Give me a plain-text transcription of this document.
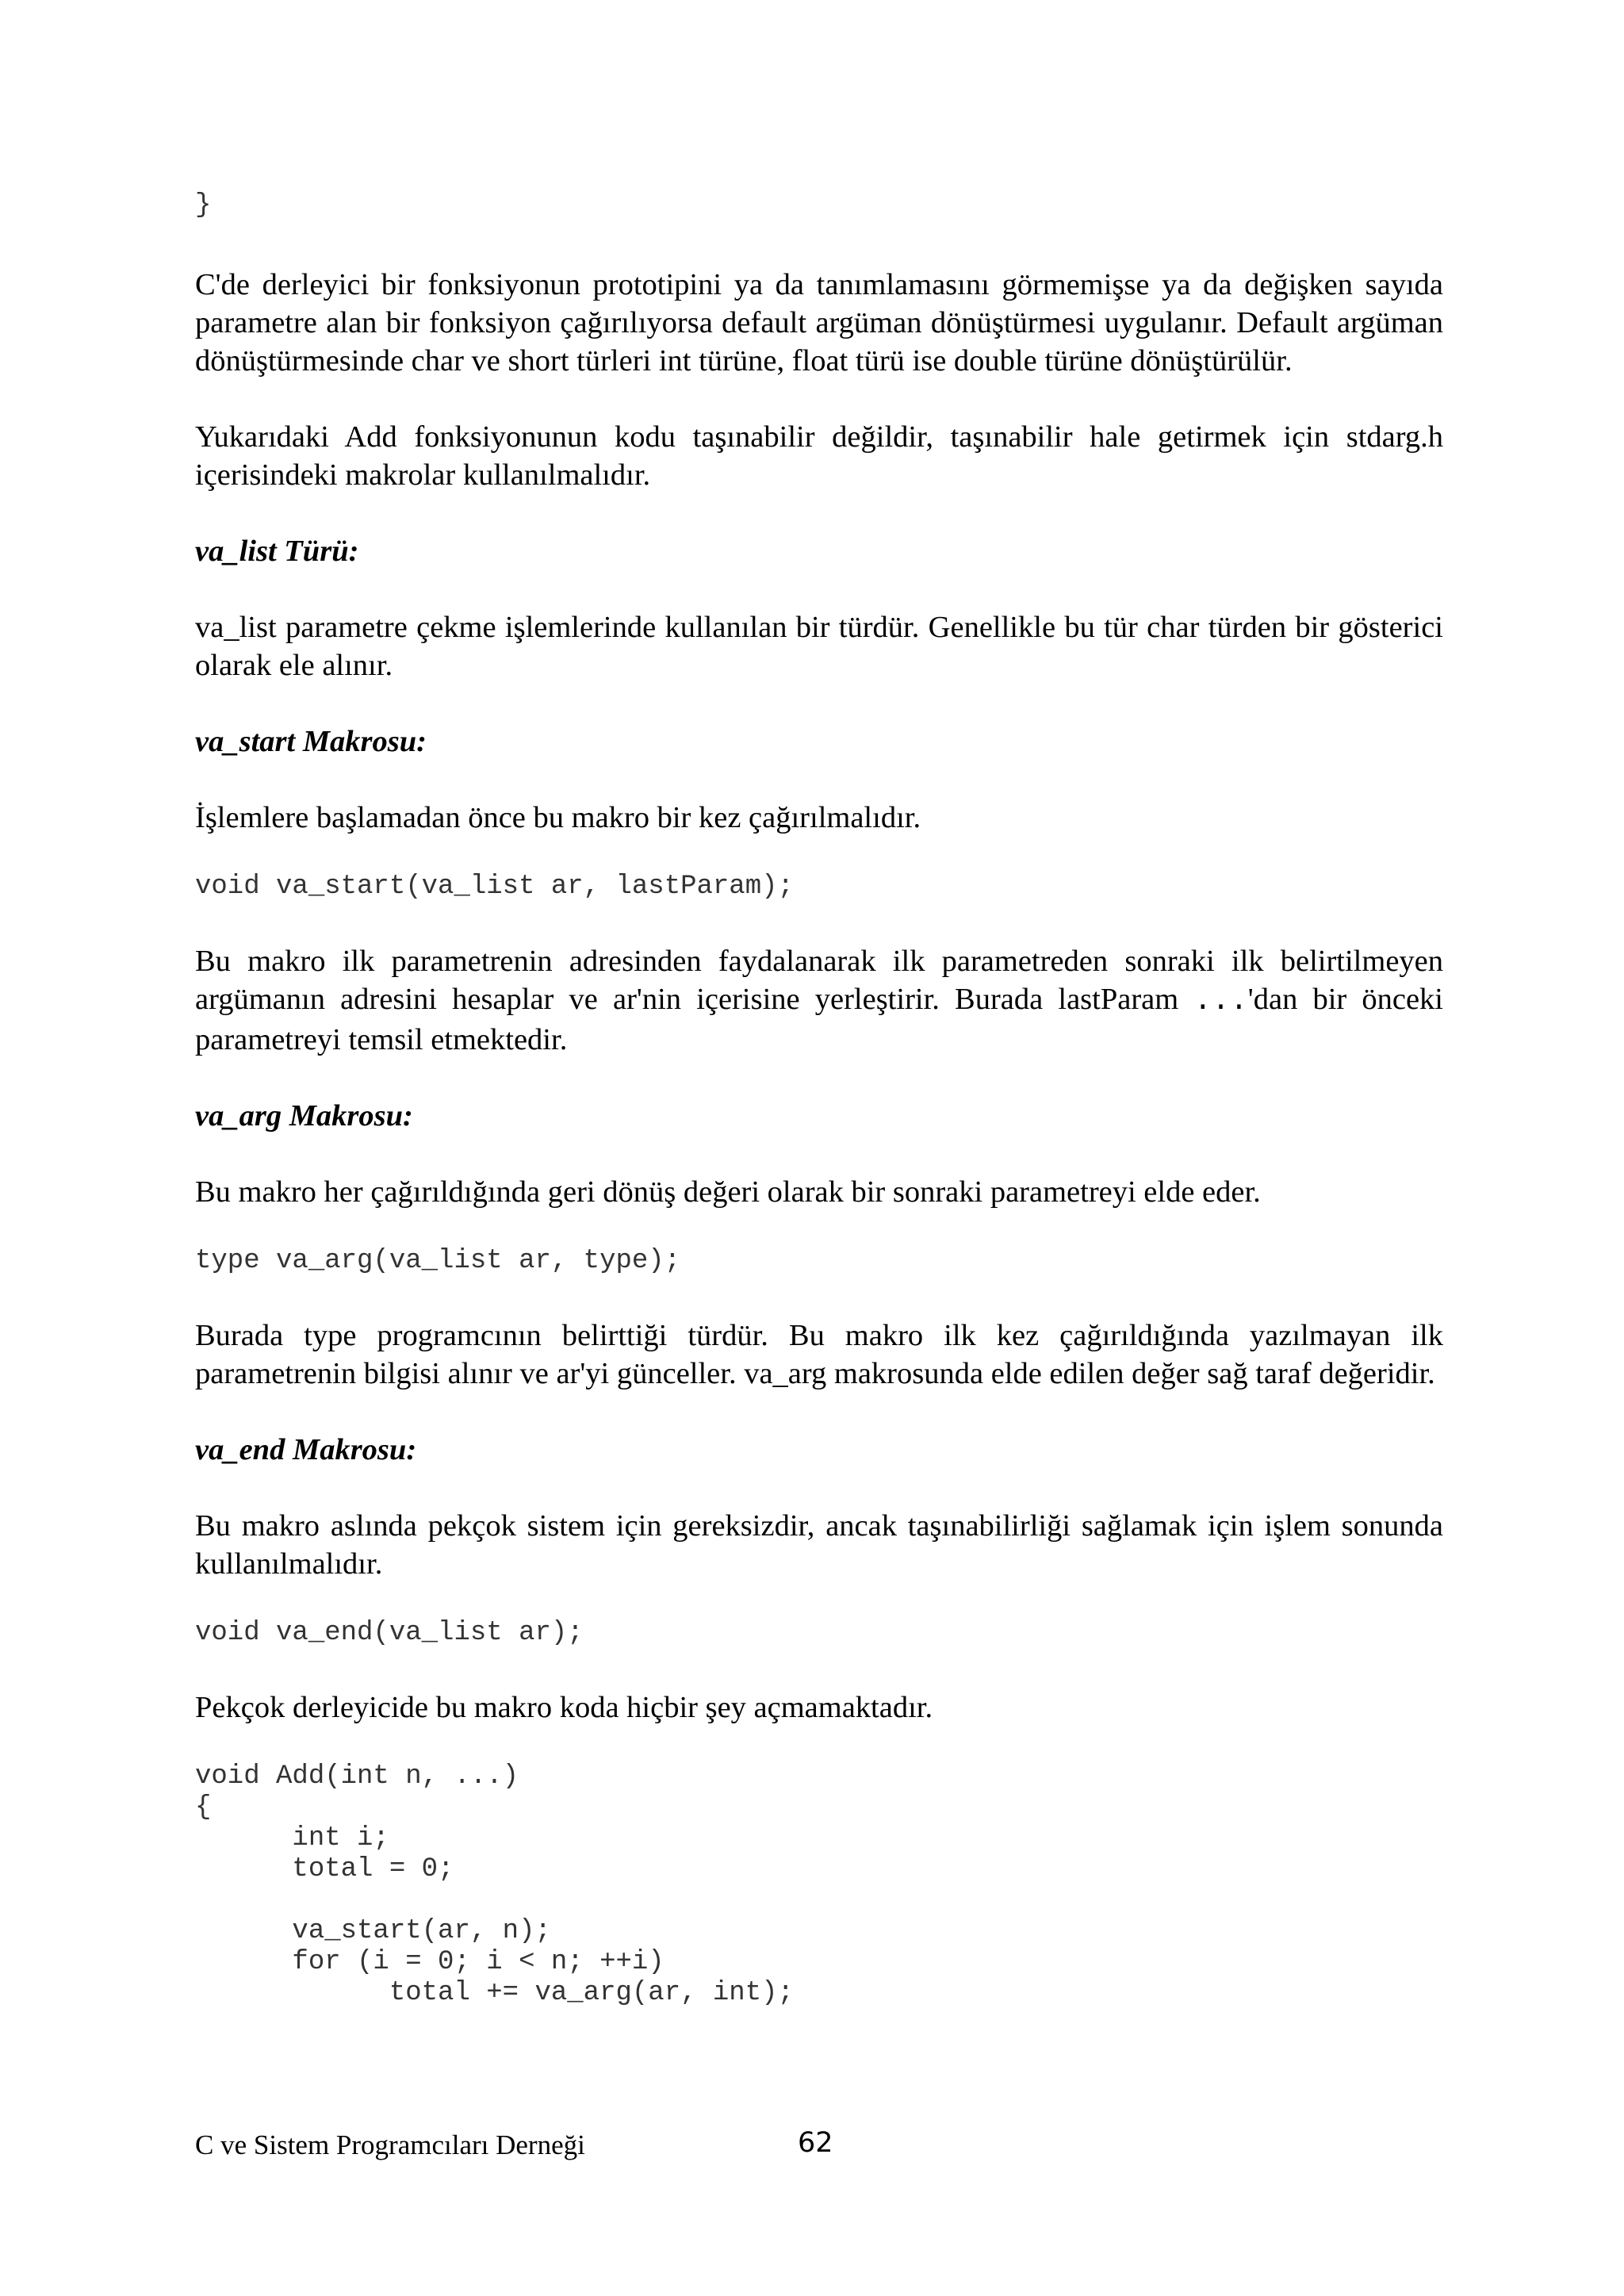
}

C'de derleyici bir fonksiyonun prototipini ya da tanımlamasını görmemişse ya da değişken sayıda parametre alan bir fonksiyon çağırılıyorsa default argüman dönüştürmesi uygulanır. Default argüman dönüştürmesinde char ve short türleri int türüne, float türü ise double türüne dönüştürülür.

Yukarıdaki Add fonksiyonunun kodu taşınabilir değildir, taşınabilir hale getirmek için stdarg.h içerisindeki makrolar kullanılmalıdır.

va_list Türü:

va_list parametre çekme işlemlerinde kullanılan bir türdür. Genellikle bu tür char türden bir gösterici olarak ele alınır.

va_start Makrosu:

İşlemlere başlamadan önce bu makro bir kez çağırılmalıdır.

void va_start(va_list ar, lastParam);

Bu makro ilk parametrenin adresinden faydalanarak ilk parametreden sonraki ilk belirtilmeyen argümanın adresini hesaplar ve ar'nin içerisine yerleştirir. Burada lastParam ...'dan bir önceki parametreyi temsil etmektedir.

va_arg Makrosu:

Bu makro her çağırıldığında geri dönüş değeri olarak bir sonraki parametreyi elde eder.

type va_arg(va_list ar, type);

Burada type programcının belirttiği türdür. Bu makro ilk kez çağırıldığında yazılmayan ilk parametrenin bilgisi alınır ve ar'yi günceller. va_arg makrosunda elde edilen değer sağ taraf değeridir.

va_end Makrosu:

Bu makro aslında pekçok sistem için gereksizdir, ancak taşınabilirliği sağlamak için işlem sonunda kullanılmalıdır.

void va_end(va_list ar);

Pekçok derleyicide bu makro koda hiçbir şey açmamaktadır.

void Add(int n, ...)
{
int i;
total = 0;

va_start(ar, n);
for (i = 0; i < n; ++i)
total += va_arg(ar, int);
C ve Sistem Programcıları Derneği	62
